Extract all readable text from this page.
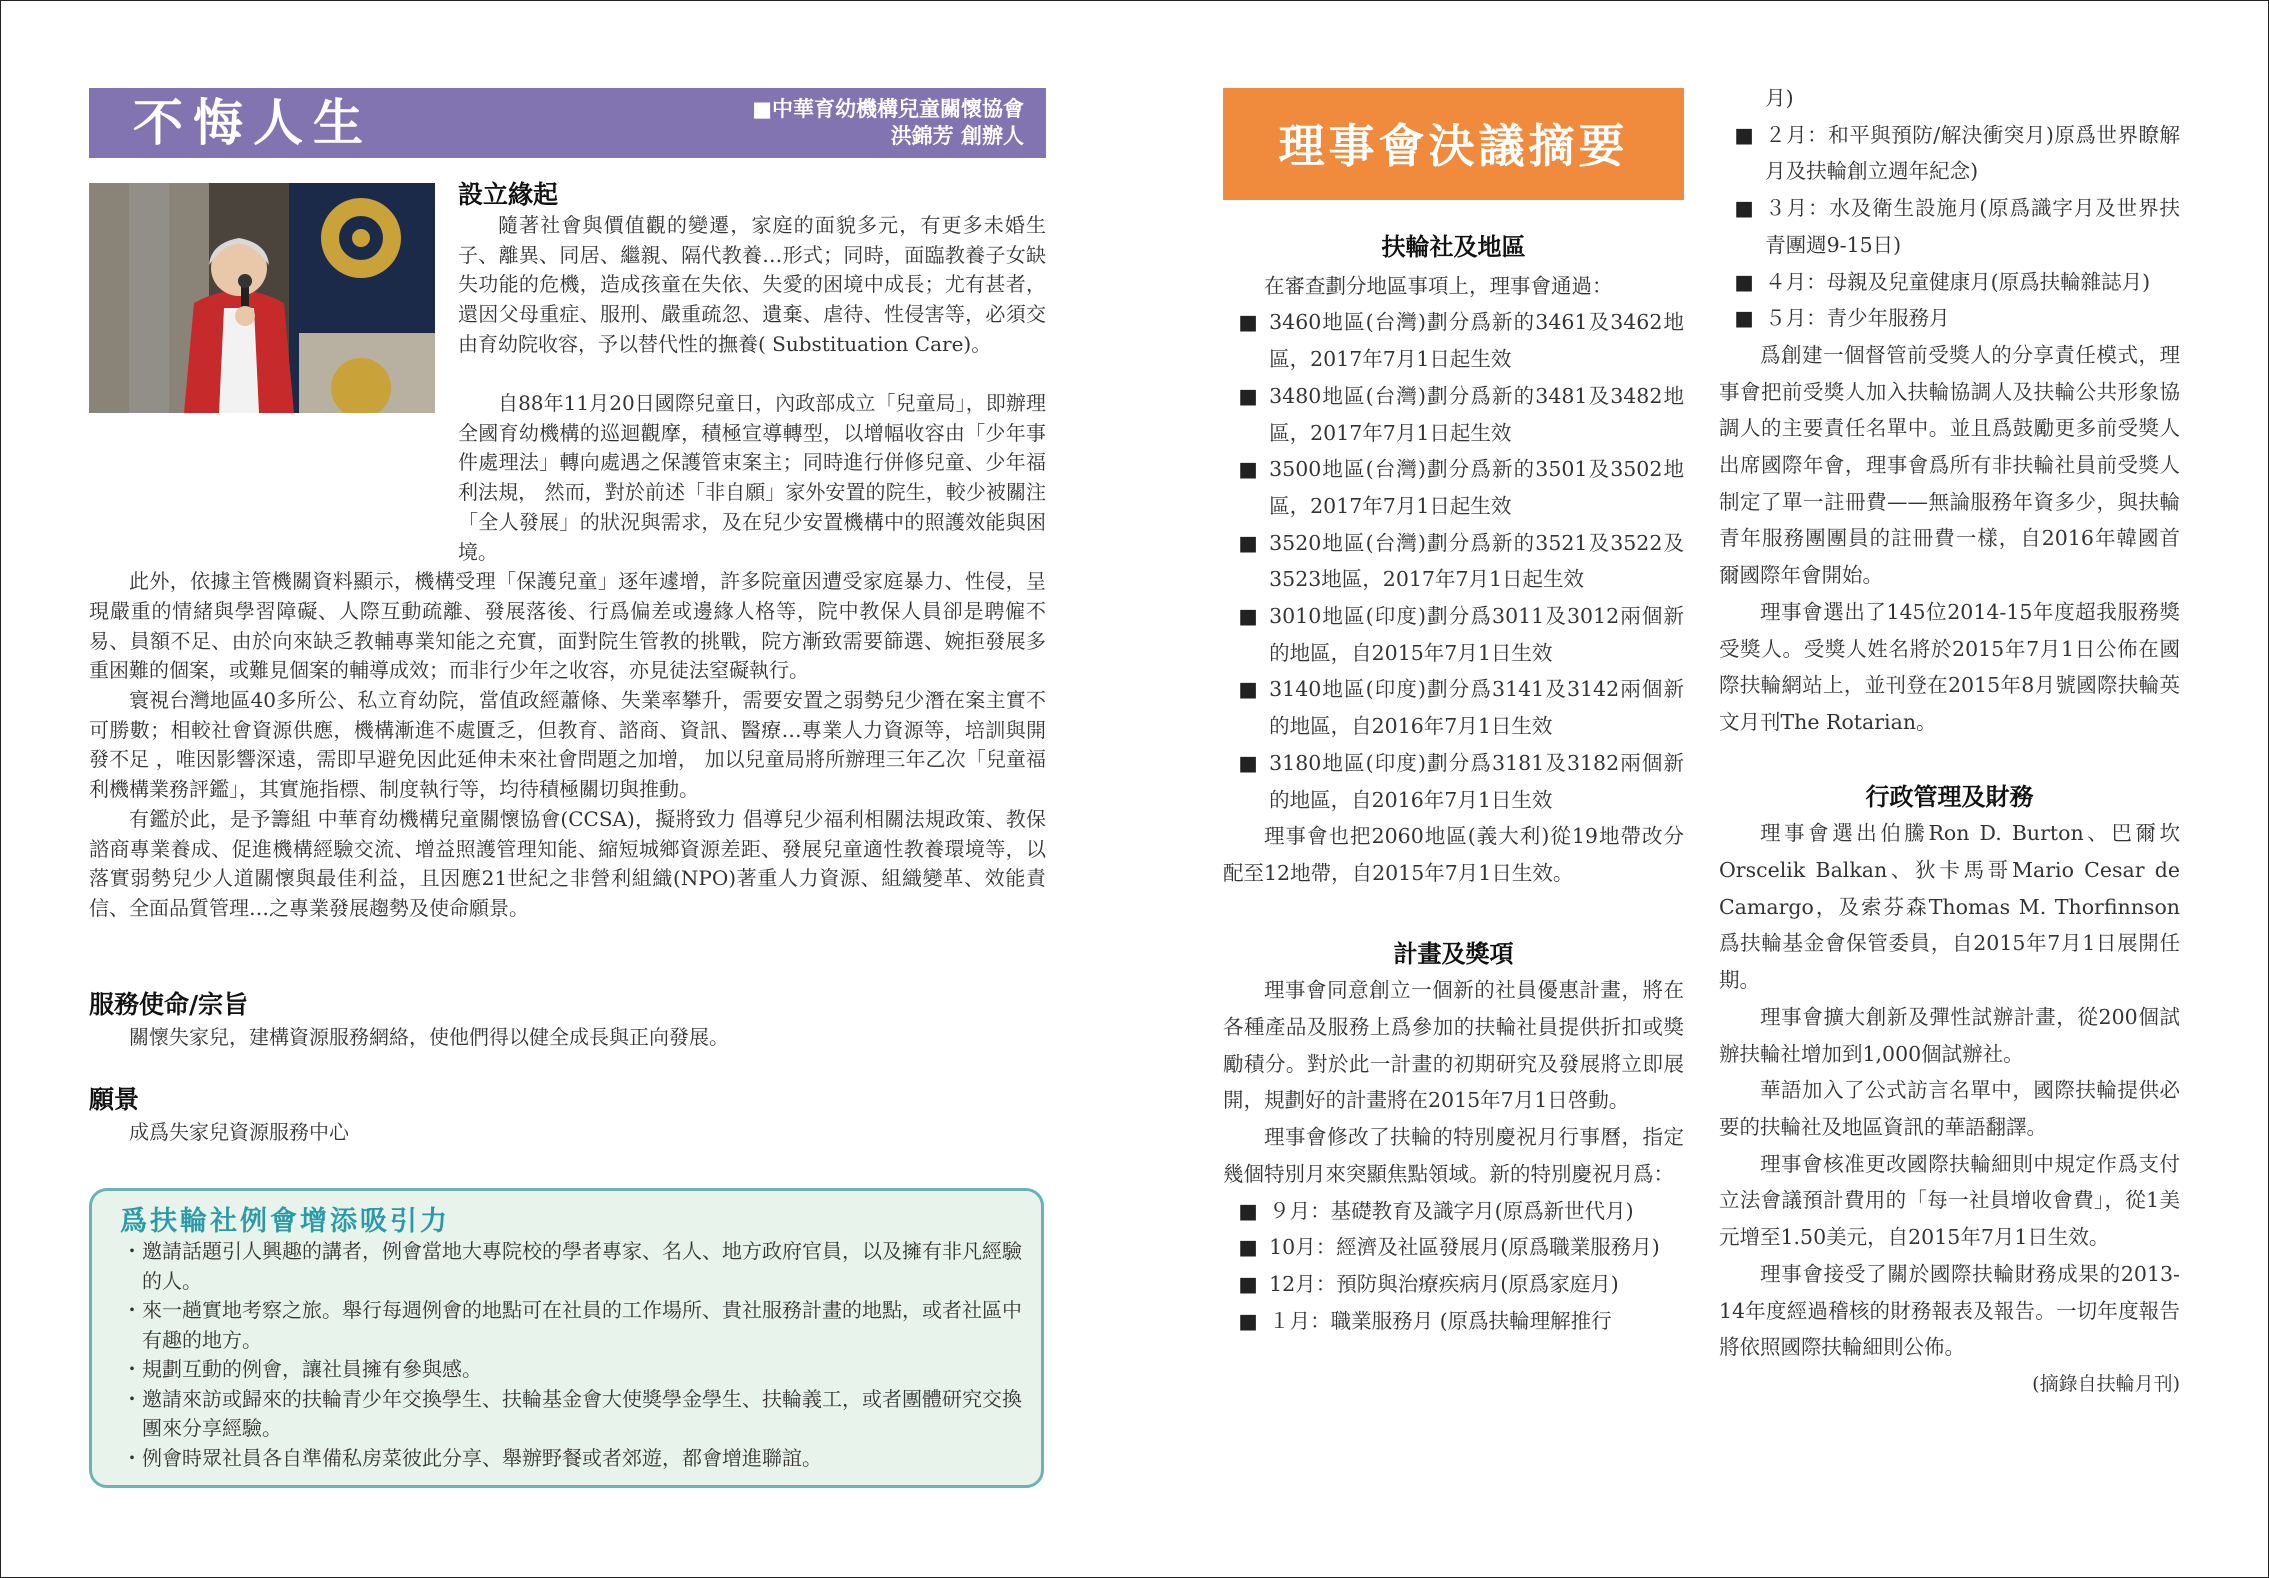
不悔人生	■中華育幼機構兒童關懷協會
洪錦芳 創辦人
設立緣起

隨著社會與價值觀的變遷，家庭的面貌多元，有更多未婚生子、離異、同居、繼親、隔代教養…形式；同時，面臨教養子女缺失功能的危機，造成孩童在失依、失愛的困境中成長；尤有甚者，還因父母重症、服刑、嚴重疏忽、遺棄、虐待、性侵害等，必須交由育幼院收容，予以替代性的撫養( Substituation Care)。

自88年11月20日國際兒童日，內政部成立「兒童局」，即辦理全國育幼機構的巡迴觀摩，積極宣導轉型，以增幅收容由「少年事件處理法」轉向處遇之保護管束案主；同時進行併修兒童、少年福利法規， 然而，對於前述「非自願」家外安置的院生，較少被關注「全人發展」的狀況與需求，及在兒少安置機構中的照護效能與困境。

此外，依據主管機關資料顯示，機構受理「保護兒童」逐年遽增，許多院童因遭受家庭暴力、性侵，呈現嚴重的情緒與學習障礙、人際互動疏離、發展落後、行爲偏差或邊緣人格等，院中教保人員卻是聘僱不易、員額不足、由於向來缺乏教輔專業知能之充實，面對院生管教的挑戰，院方漸致需要篩選、婉拒發展多重困難的個案，或難見個案的輔導成效；而非行少年之收容，亦見徒法窒礙執行。

寰視台灣地區40多所公、私立育幼院，當值政經蕭條、失業率攀升，需要安置之弱勢兒少潛在案主實不可勝數；相較社會資源供應，機構漸進不處匱乏，但教育、諮商、資訊、醫療…專業人力資源等，培訓與開發不足 ，唯因影響深遠，需即早避免因此延伸未來社會問題之加增， 加以兒童局將所辦理三年乙次「兒童福利機構業務評鑑」，其實施指標、制度執行等，均待積極關切與推動。

有鑑於此，是予籌組 中華育幼機構兒童關懷協會(CCSA)，擬將致力 倡導兒少福利相關法規政策、教保諮商專業養成、促進機構經驗交流、增益照護管理知能、縮短城鄉資源差距、發展兒童適性教養環境等，以落實弱勢兒少人道關懷與最佳利益，且因應21世紀之非營利組織(NPO)著重人力資源、組織變革、效能責信、全面品質管理…之專業發展趨勢及使命願景。

服務使命/宗旨

關懷失家兒，建構資源服務網絡，使他們得以健全成長與正向發展。

願景

成爲失家兒資源服務中心

爲扶輪社例會增添吸引力
・邀請話題引人興趣的講者，例會當地大專院校的學者專家、名人、地方政府官員，以及擁有非凡經驗的人。
・來一趟實地考察之旅。舉行每週例會的地點可在社員的工作場所、貴社服務計畫的地點，或者社區中有趣的地方。
・規劃互動的例會，讓社員擁有參與感。
・邀請來訪或歸來的扶輪青少年交換學生、扶輪基金會大使獎學金學生、扶輪義工，或者團體研究交換團來分享經驗。
・例會時眾社員各自準備私房菜彼此分享、舉辦野餐或者郊遊，都會增進聯誼。
理事會決議摘要

扶輪社及地區

在審查劃分地區事項上，理事會通過：

■ 3460地區(台灣)劃分爲新的3461及3462地區，2017年7月1日起生效

■ 3480地區(台灣)劃分爲新的3481及3482地區，2017年7月1日起生效

■ 3500地區(台灣)劃分爲新的3501及3502地區，2017年7月1日起生效

■ 3520地區(台灣)劃分爲新的3521及3522及3523地區，2017年7月1日起生效

■ 3010地區(印度)劃分爲3011及3012兩個新的地區，自2015年7月1日生效

■ 3140地區(印度)劃分爲3141及3142兩個新的地區，自2016年7月1日生效

■ 3180地區(印度)劃分爲3181及3182兩個新的地區，自2016年7月1日生效

理事會也把2060地區(義大利)從19地帶改分配至12地帶，自2015年7月1日生效。

計畫及獎項

理事會同意創立一個新的社員優惠計畫，將在各種產品及服務上爲參加的扶輪社員提供折扣或獎勵積分。對於此一計畫的初期研究及發展將立即展開，規劃好的計畫將在2015年7月1日啓動。

理事會修改了扶輪的特別慶祝月行事曆，指定幾個特別月來突顯焦點領域。新的特別慶祝月爲：

■ ９月：基礎教育及識字月(原爲新世代月)

■ 10月：經濟及社區發展月(原爲職業服務月)

■ 12月：預防與治療疾病月(原爲家庭月)

■ １月：職業服務月 (原爲扶輪理解推行

月)

■ ２月：和平與預防/解決衝突月)原爲世界瞭解月及扶輪創立週年紀念)

■ ３月：水及衛生設施月(原爲識字月及世界扶青團週9-15日)

■ ４月：母親及兒童健康月(原爲扶輪雜誌月)

■ ５月：青少年服務月

爲創建一個督管前受獎人的分享責任模式，理事會把前受獎人加入扶輪協調人及扶輪公共形象協調人的主要責任名單中。並且爲鼓勵更多前受獎人出席國際年會，理事會爲所有非扶輪社員前受獎人制定了單一註冊費——無論服務年資多少，與扶輪青年服務團團員的註冊費一樣，自2016年韓國首爾國際年會開始。

理事會選出了145位2014-15年度超我服務獎受獎人。受獎人姓名將於2015年7月1日公佈在國際扶輪網站上，並刊登在2015年8月號國際扶輪英文月刊The Rotarian。

行政管理及財務

理事會選出伯騰Ron D. Burton、巴爾坎Orscelik Balkan、狄卡馬哥Mario Cesar de Camargo，及索芬森Thomas M. Thorfinnson爲扶輪基金會保管委員，自2015年7月1日展開任期。

理事會擴大創新及彈性試辦計畫，從200個試辦扶輪社增加到1,000個試辦社。

華語加入了公式訪言名單中，國際扶輪提供必要的扶輪社及地區資訊的華語翻譯。

理事會核准更改國際扶輪細則中規定作爲支付立法會議預計費用的「每一社員增收會費」，從1美元增至1.50美元，自2015年7月1日生效。

理事會接受了關於國際扶輪財務成果的2013-14年度經過稽核的財務報表及報告。一切年度報告將依照國際扶輪細則公佈。

(摘錄自扶輪月刊)
